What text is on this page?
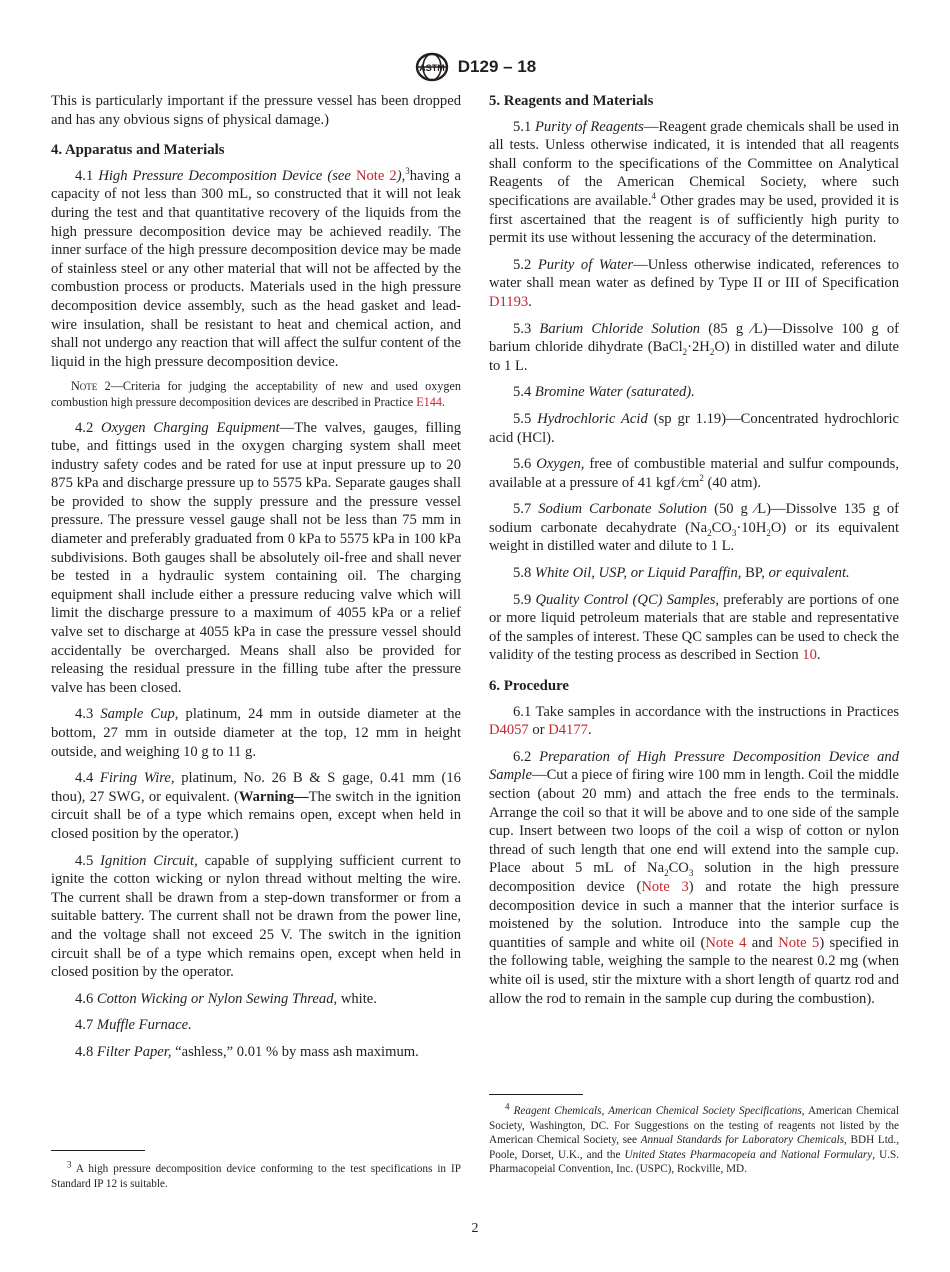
ASTM D129 – 18

This is particularly important if the pressure vessel has been dropped and has any obvious signs of physical damage.)

4. Apparatus and Materials

4.1 High Pressure Decomposition Device (see Note 2),$^3$having a capacity of not less than 300 mL, so constructed that it will not leak during the test and that quantitative recovery of the liquids from the high pressure decomposition device may be achieved readily. The inner surface of the high pressure decomposition device may be made of stainless steel or any other material that will not be affected by the combustion process or products. Materials used in the high pressure decomposition device assembly, such as the head gasket and lead-wire insulation, shall be resistant to heat and chemical action, and shall not undergo any reaction that will affect the sulfur content of the liquid in the high pressure decomposition device.

Note 2—Criteria for judging the acceptability of new and used oxygen combustion high pressure decomposition devices are described in Practice E144.

4.2 Oxygen Charging Equipment—The valves, gauges, filling tube, and fittings used in the oxygen charging system shall meet industry safety codes and be rated for use at input pressure up to 20 875 kPa and discharge pressure up to 5575 kPa. Separate gauges shall be provided to show the supply pressure and the pressure vessel pressure. The pressure vessel gauge shall not be less than 75 mm in diameter and preferably graduated from 0 kPa to 5575 kPa in 100 kPa subdivisions. Both gauges shall be absolutely oil-free and shall never be tested in a hydraulic system containing oil. The charging equipment shall include either a pressure reducing valve which will limit the discharge pressure to a maximum of 4055 kPa or a relief valve set to discharge at 4055 kPa in case the pressure vessel should accidentally be overcharged. Means shall also be provided for releasing the residual pressure in the filling tube after the pressure valve has been closed.

4.3 Sample Cup, platinum, 24 mm in outside diameter at the bottom, 27 mm in outside diameter at the top, 12 mm in height outside, and weighing 10 g to 11 g.

4.4 Firing Wire, platinum, No. 26 B & S gage, 0.41 mm (16 thou), 27 SWG, or equivalent. (Warning—The switch in the ignition circuit shall be of a type which remains open, except when held in closed position by the operator.)

4.5 Ignition Circuit, capable of supplying sufficient current to ignite the cotton wicking or nylon thread without melting the wire. The current shall be drawn from a step-down transformer or from a suitable battery. The current shall not be drawn from the power line, and the voltage shall not exceed 25 V. The switch in the ignition circuit shall be of a type which remains open, except when held in closed position by the operator.

4.6 Cotton Wicking or Nylon Sewing Thread, white.

4.7 Muffle Furnace.

4.8 Filter Paper, “ashless,” 0.01 % by mass ash maximum.

$^3$ A high pressure decomposition device conforming to the test specifications in IP Standard IP 12 is suitable.
5. Reagents and Materials

5.1 Purity of Reagents—Reagent grade chemicals shall be used in all tests. Unless otherwise indicated, it is intended that all reagents shall conform to the specifications of the Committee on Analytical Reagents of the American Chemical Society, where such specifications are available.$^4$ Other grades may be used, provided it is first ascertained that the reagent is of sufficiently high purity to permit its use without lessening the accuracy of the determination.

5.2 Purity of Water—Unless otherwise indicated, references to water shall mean water as defined by Type II or III of Specification D1193.

5.3 Barium Chloride Solution (85 g ⁄L)—Dissolve 100 g of barium chloride dihydrate $(BaCl_2\cdot 2H_2O)$ in distilled water and dilute to 1 L.

5.4 Bromine Water (saturated).

5.5 Hydrochloric Acid (sp gr 1.19)—Concentrated hydrochloric acid (HCl).

5.6 Oxygen, free of combustible material and sulfur compounds, available at a pressure of 41 kgf $⁄cm^2$ (40 atm).

5.7 Sodium Carbonate Solution (50 g ⁄L)—Dissolve 135 g of sodium carbonate decahydrate $(Na_2CO_3\cdot 10H_2O)$ or its equivalent weight in distilled water and dilute to 1 L.

5.8 White Oil, USP, or Liquid Paraffin, BP, or equivalent.

5.9 Quality Control (QC) Samples, preferably are portions of one or more liquid petroleum materials that are stable and representative of the samples of interest. These QC samples can be used to check the validity of the testing process as described in Section 10.

6. Procedure

6.1 Take samples in accordance with the instructions in Practices D4057 or D4177.

6.2 Preparation of High Pressure Decomposition Device and Sample—Cut a piece of firing wire 100 mm in length. Coil the middle section (about 20 mm) and attach the free ends to the terminals. Arrange the coil so that it will be above and to one side of the sample cup. Insert between two loops of the coil a wisp of cotton or nylon thread of such length that one end will extend into the sample cup. Place about 5 mL of $Na_2CO_3$ solution in the high pressure decomposition device (Note 3) and rotate the high pressure decomposition device in such a manner that the interior surface is moistened by the solution. Introduce into the sample cup the quantities of sample and white oil (Note 4 and Note 5) specified in the following table, weighing the sample to the nearest 0.2 mg (when white oil is used, stir the mixture with a short length of quartz rod and allow the rod to remain in the sample cup during the combustion).

$^4$ Reagent Chemicals, American Chemical Society Specifications, American Chemical Society, Washington, DC. For Suggestions on the testing of reagents not listed by the American Chemical Society, see Annual Standards for Laboratory Chemicals, BDH Ltd., Poole, Dorset, U.K., and the United States Pharmacopeia and National Formulary, U.S. Pharmacopeial Convention, Inc. (USPC), Rockville, MD.
2
